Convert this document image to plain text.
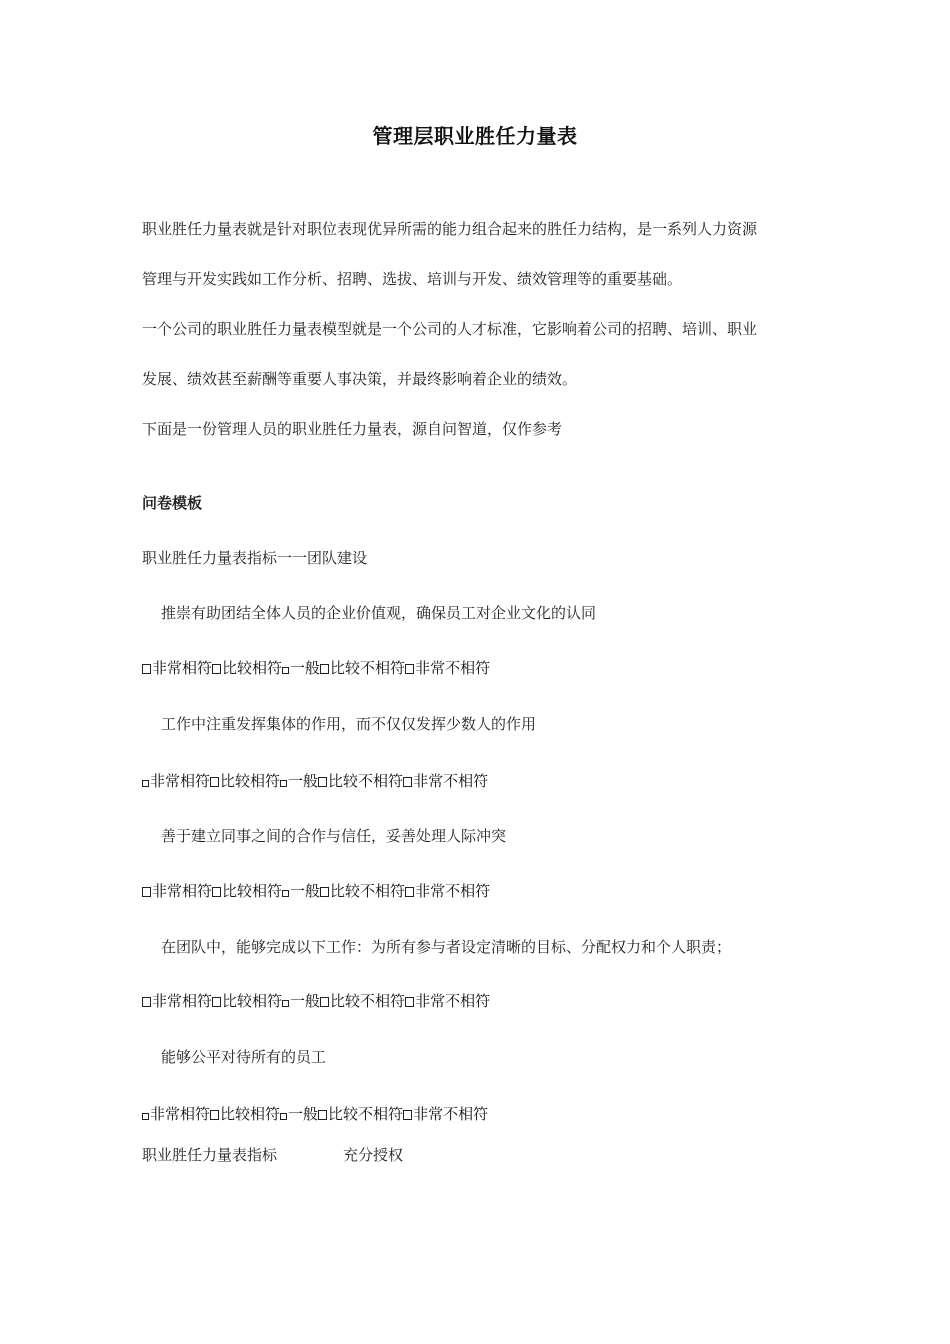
管理层职业胜任力量表
职业胜任力量表就是针对职位表现优异所需的能力组合起来的胜任力结构，是一系列人力资源
管理与开发实践如工作分析、招聘、选拔、培训与开发、绩效管理等的重要基础。
一个公司的职业胜任力量表模型就是一个公司的人才标准，它影响着公司的招聘、培训、职业
发展、绩效甚至薪酬等重要人事决策，并最终影响着企业的绩效。
下面是一份管理人员的职业胜任力量表，源自问智道，仅作参考
问卷模板
职业胜任力量表指标一一团队建设
推崇有助团结全体人员的企业价值观，确保员工对企业文化的认同
非常相符 比较相符 一般 比较不相符 非常不相符
工作中注重发挥集体的作用，而不仅仅发挥少数人的作用
非常相符 比较相符 一般 比较不相符 非常不相符
善于建立同事之间的合作与信任，妥善处理人际冲突
非常相符 比较相符 一般 比较不相符 非常不相符
在团队中，能够完成以下工作：为所有参与者设定清晰的目标、分配权力和个人职责；
非常相符 比较相符 一般 比较不相符 非常不相符
能够公平对待所有的员工
非常相符 比较相符 一般 比较不相符 非常不相符
职业胜任力量表指标	充分授权
